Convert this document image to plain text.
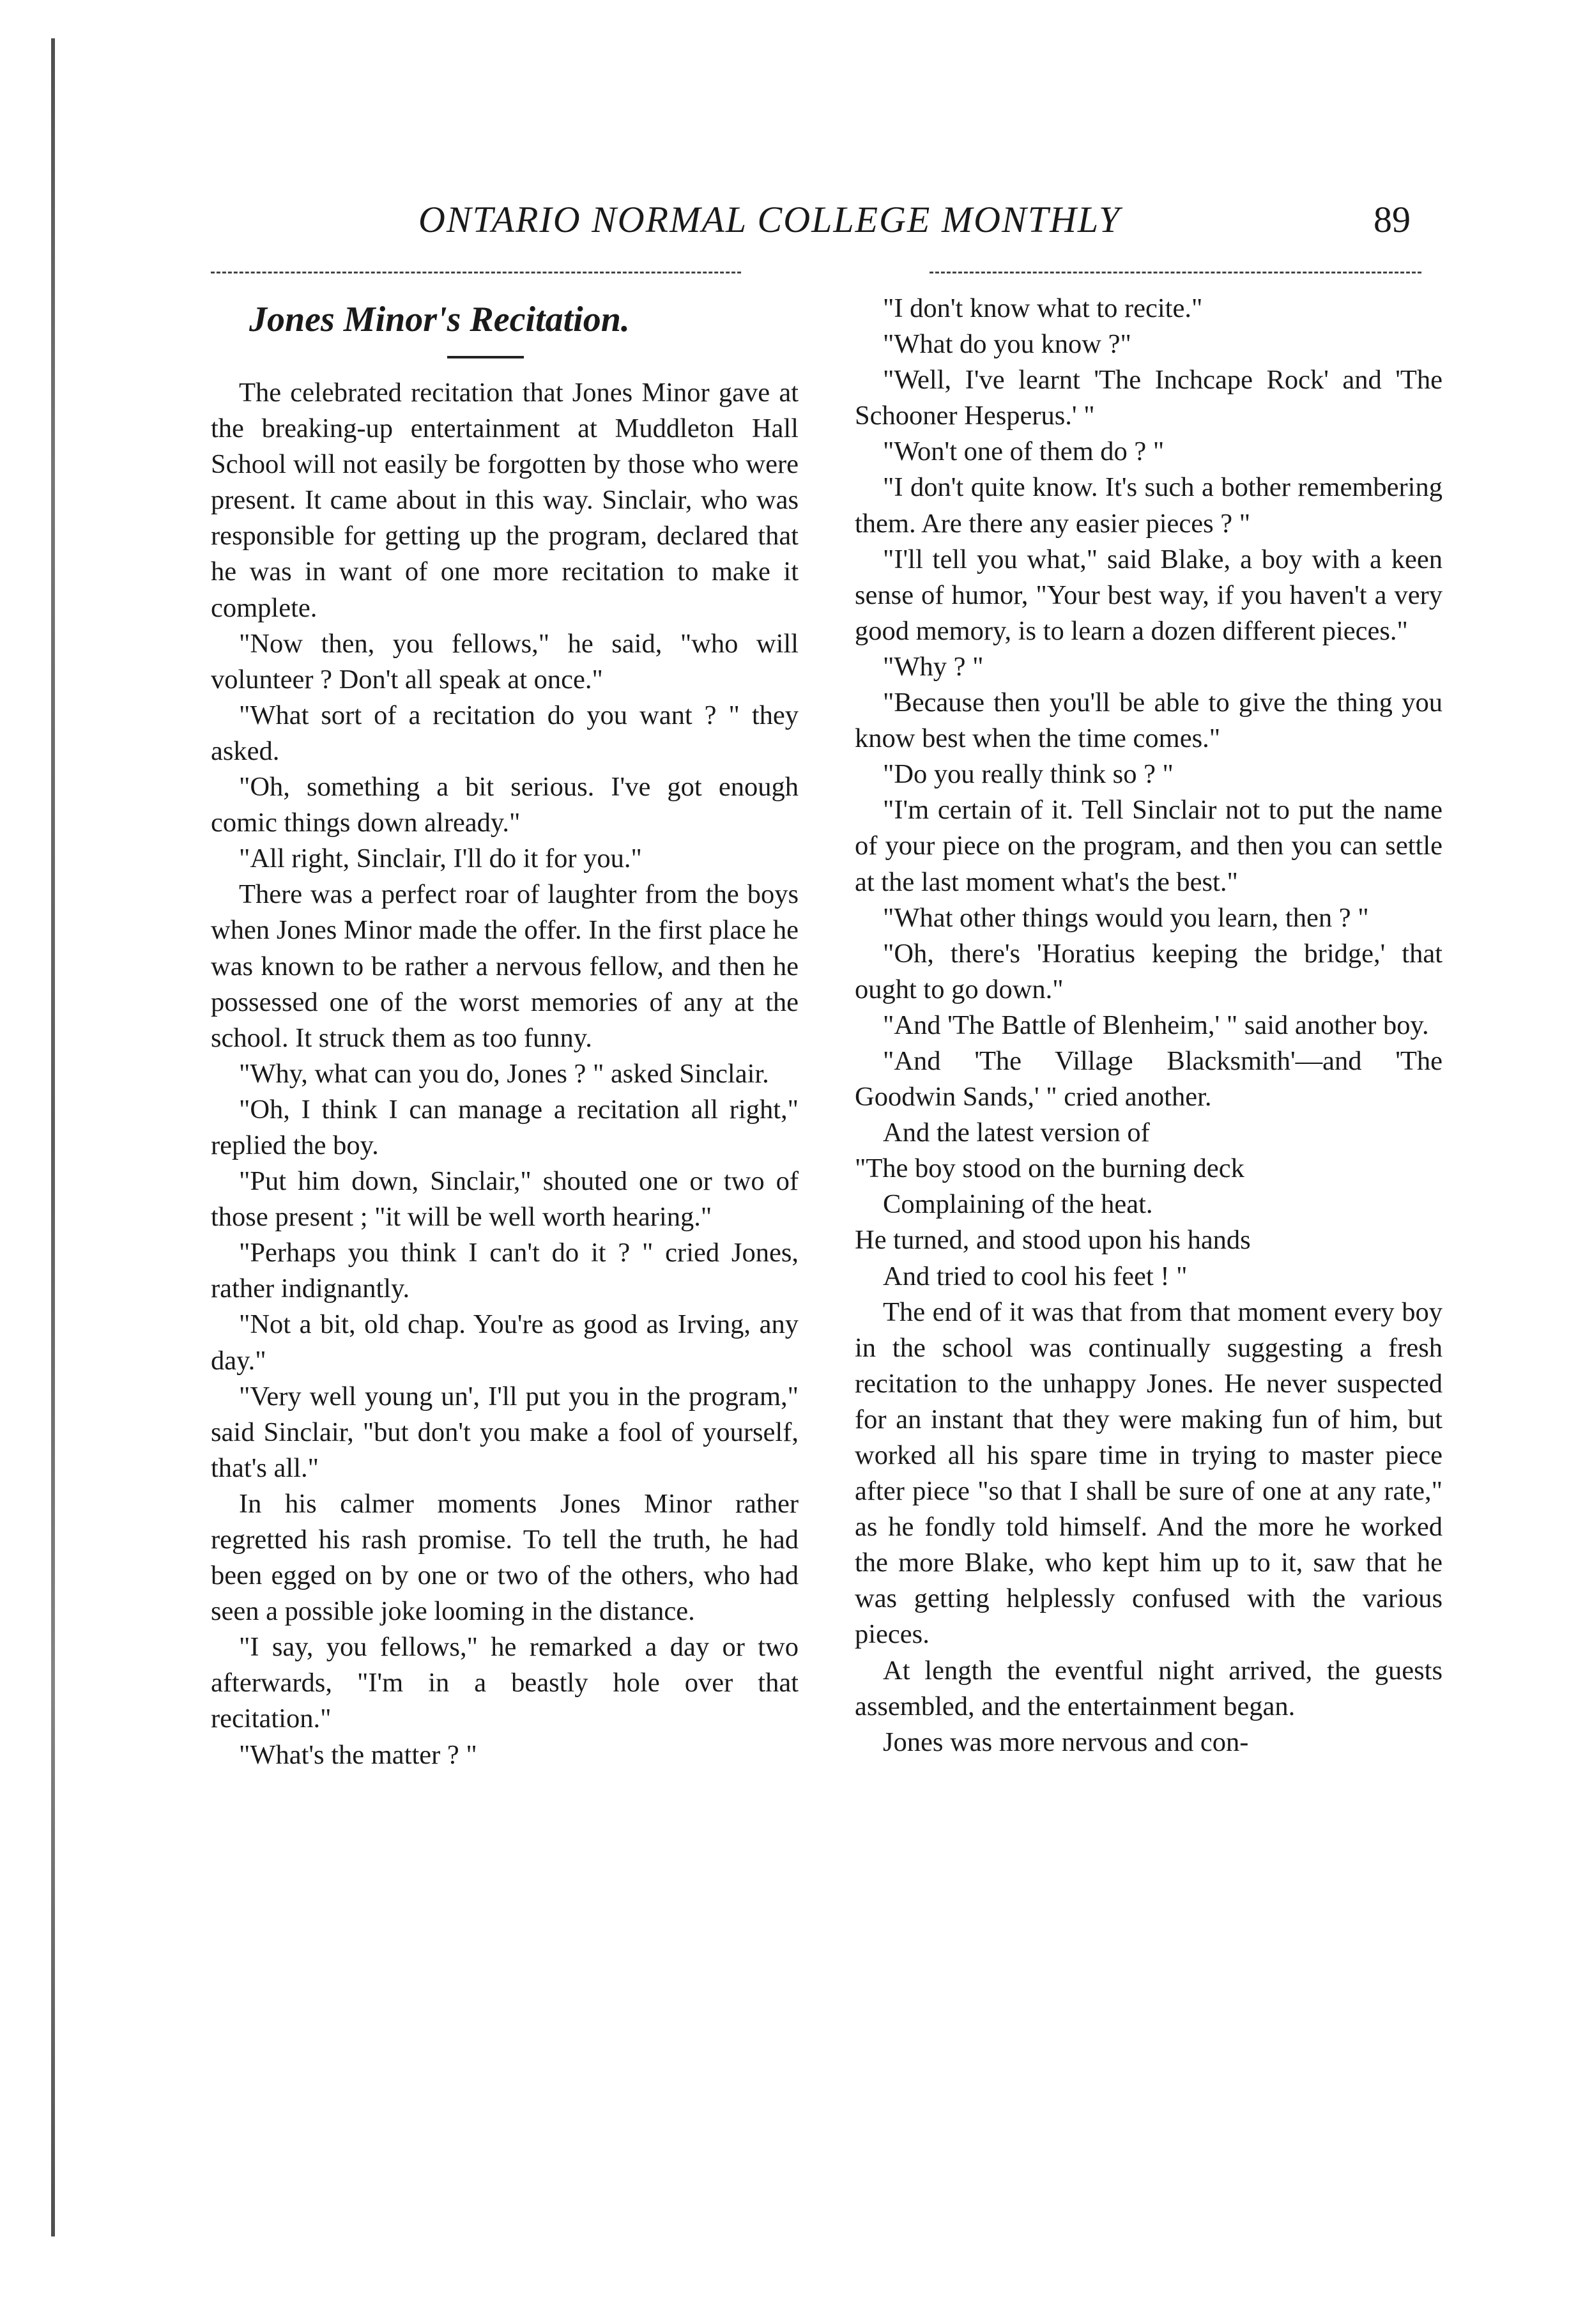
ONTARIO NORMAL COLLEGE MONTHLY	89
Jones Minor's Recitation.

The celebrated recitation that Jones Minor gave at the breaking-up entertainment at Muddleton Hall School will not easily be forgotten by those who were present. It came about in this way. Sinclair, who was responsible for getting up the program, declared that he was in want of one more recitation to make it complete.

"Now then, you fellows," he said, "who will volunteer ? Don't all speak at once."

"What sort of a recitation do you want ? " they asked.

"Oh, something a bit serious. I've got enough comic things down already."

"All right, Sinclair, I'll do it for you."

There was a perfect roar of laughter from the boys when Jones Minor made the offer. In the first place he was known to be rather a nervous fellow, and then he possessed one of the worst memories of any at the school. It struck them as too funny.

"Why, what can you do, Jones ? " asked Sinclair.

"Oh, I think I can manage a recitation all right," replied the boy.

"Put him down, Sinclair," shouted one or two of those present ; "it will be well worth hearing."

"Perhaps you think I can't do it ? " cried Jones, rather indignantly.

"Not a bit, old chap. You're as good as Irving, any day."

"Very well young un', I'll put you in the program," said Sinclair, "but don't you make a fool of yourself, that's all."

In his calmer moments Jones Minor rather regretted his rash promise. To tell the truth, he had been egged on by one or two of the others, who had seen a possible joke looming in the distance.

"I say, you fellows," he remarked a day or two afterwards, "I'm in a beastly hole over that recitation."

"What's the matter ? "

"I don't know what to recite."

"What do you know ?"

"Well, I've learnt 'The Inchcape Rock' and 'The Schooner Hesperus.' "

"Won't one of them do ? "

"I don't quite know. It's such a bother remembering them. Are there any easier pieces ? "

"I'll tell you what," said Blake, a boy with a keen sense of humor, "Your best way, if you haven't a very good memory, is to learn a dozen different pieces."

"Why ? "

"Because then you'll be able to give the thing you know best when the time comes."

"Do you really think so ? "

"I'm certain of it. Tell Sinclair not to put the name of your piece on the program, and then you can settle at the last moment what's the best."

"What other things would you learn, then ? "

"Oh, there's 'Horatius keeping the bridge,' that ought to go down."

"And 'The Battle of Blenheim,' " said another boy.

"And 'The Village Blacksmith'—and 'The Goodwin Sands,' " cried another.

And the latest version of

"The boy stood on the burning deck

Complaining of the heat.

He turned, and stood upon his hands

And tried to cool his feet ! "

The end of it was that from that moment every boy in the school was continually suggesting a fresh recitation to the unhappy Jones. He never suspected for an instant that they were making fun of him, but worked all his spare time in trying to master piece after piece "so that I shall be sure of one at any rate," as he fondly told himself. And the more he worked the more Blake, who kept him up to it, saw that he was getting helplessly confused with the various pieces.

At length the eventful night arrived, the guests assembled, and the entertainment began.

Jones was more nervous and con-
